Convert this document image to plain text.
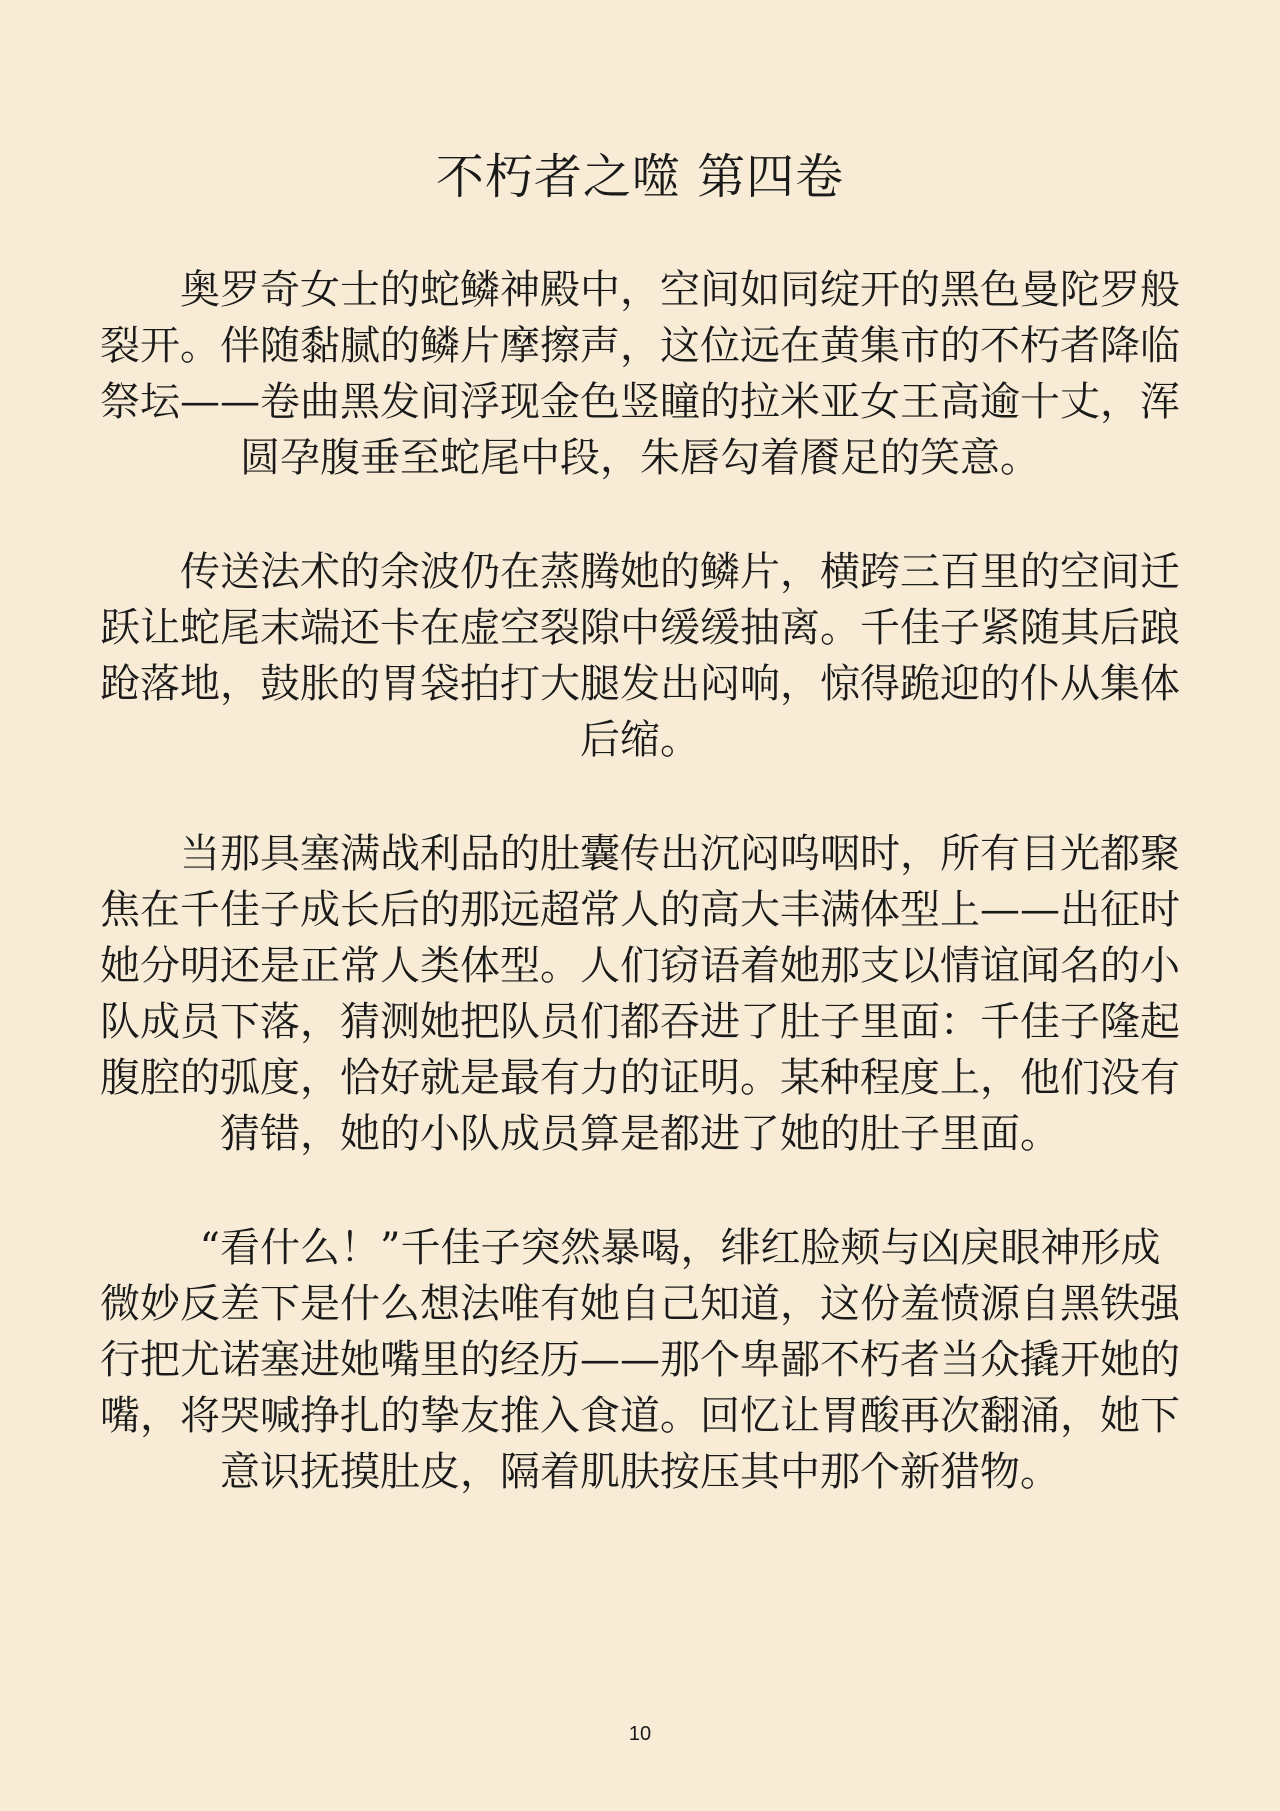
不朽者之噬 第四卷

　　奥罗奇女士的蛇鳞神殿中，空间如同绽开的黑色曼陀罗般裂开。伴随黏腻的鳞片摩擦声，这位远在黄集市的不朽者降临祭坛——卷曲黑发间浮现金色竖瞳的拉米亚女王高逾十丈，浑圆孕腹垂至蛇尾中段，朱唇勾着餍足的笑意。

　　传送法术的余波仍在蒸腾她的鳞片，横跨三百里的空间迁跃让蛇尾末端还卡在虚空裂隙中缓缓抽离。千佳子紧随其后踉跄落地，鼓胀的胃袋拍打大腿发出闷响，惊得跪迎的仆从集体后缩。

　　当那具塞满战利品的肚囊传出沉闷呜咽时，所有目光都聚焦在千佳子成长后的那远超常人的高大丰满体型上——出征时她分明还是正常人类体型。人们窃语着她那支以情谊闻名的小队成员下落，猜测她把队员们都吞进了肚子里面：千佳子隆起腹腔的弧度，恰好就是最有力的证明。某种程度上，他们没有猜错，她的小队成员算是都进了她的肚子里面。

　　“看什么！”千佳子突然暴喝，绯红脸颊与凶戾眼神形成微妙反差下是什么想法唯有她自己知道，这份羞愤源自黑铁强行把尤诺塞进她嘴里的经历——那个卑鄙不朽者当众撬开她的嘴，将哭喊挣扎的挚友推入食道。回忆让胃酸再次翻涌，她下意识抚摸肚皮，隔着肌肤按压其中那个新猎物。

10
